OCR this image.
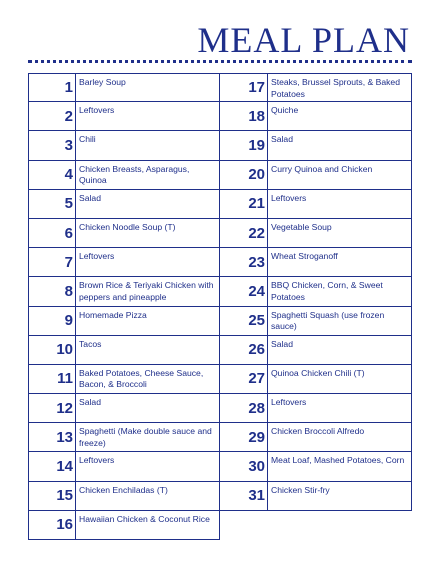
MEAL PLAN
1 Barley Soup
2 Leftovers
3 Chili
4 Chicken Breasts, Asparagus, Quinoa
5 Salad
6 Chicken Noodle Soup (T)
7 Leftovers
8 Brown Rice & Teriyaki Chicken with peppers and pineapple
9 Homemade Pizza
10 Tacos
11 Baked Potatoes, Cheese Sauce, Bacon, & Broccoli
12 Salad
13 Spaghetti (Make double sauce and freeze)
14 Leftovers
15 Chicken Enchiladas (T)
16 Hawaiian Chicken & Coconut Rice
17 Steaks, Brussel Sprouts, & Baked Potatoes
18 Quiche
19 Salad
20 Curry Quinoa and Chicken
21 Leftovers
22 Vegetable Soup
23 Wheat Stroganoff
24 BBQ Chicken, Corn, & Sweet Potatoes
25 Spaghetti Squash (use frozen sauce)
26 Salad
27 Quinoa Chicken Chili (T)
28 Leftovers
29 Chicken Broccoli Alfredo
30 Meat Loaf, Mashed Potatoes, Corn
31 Chicken Stir-fry
